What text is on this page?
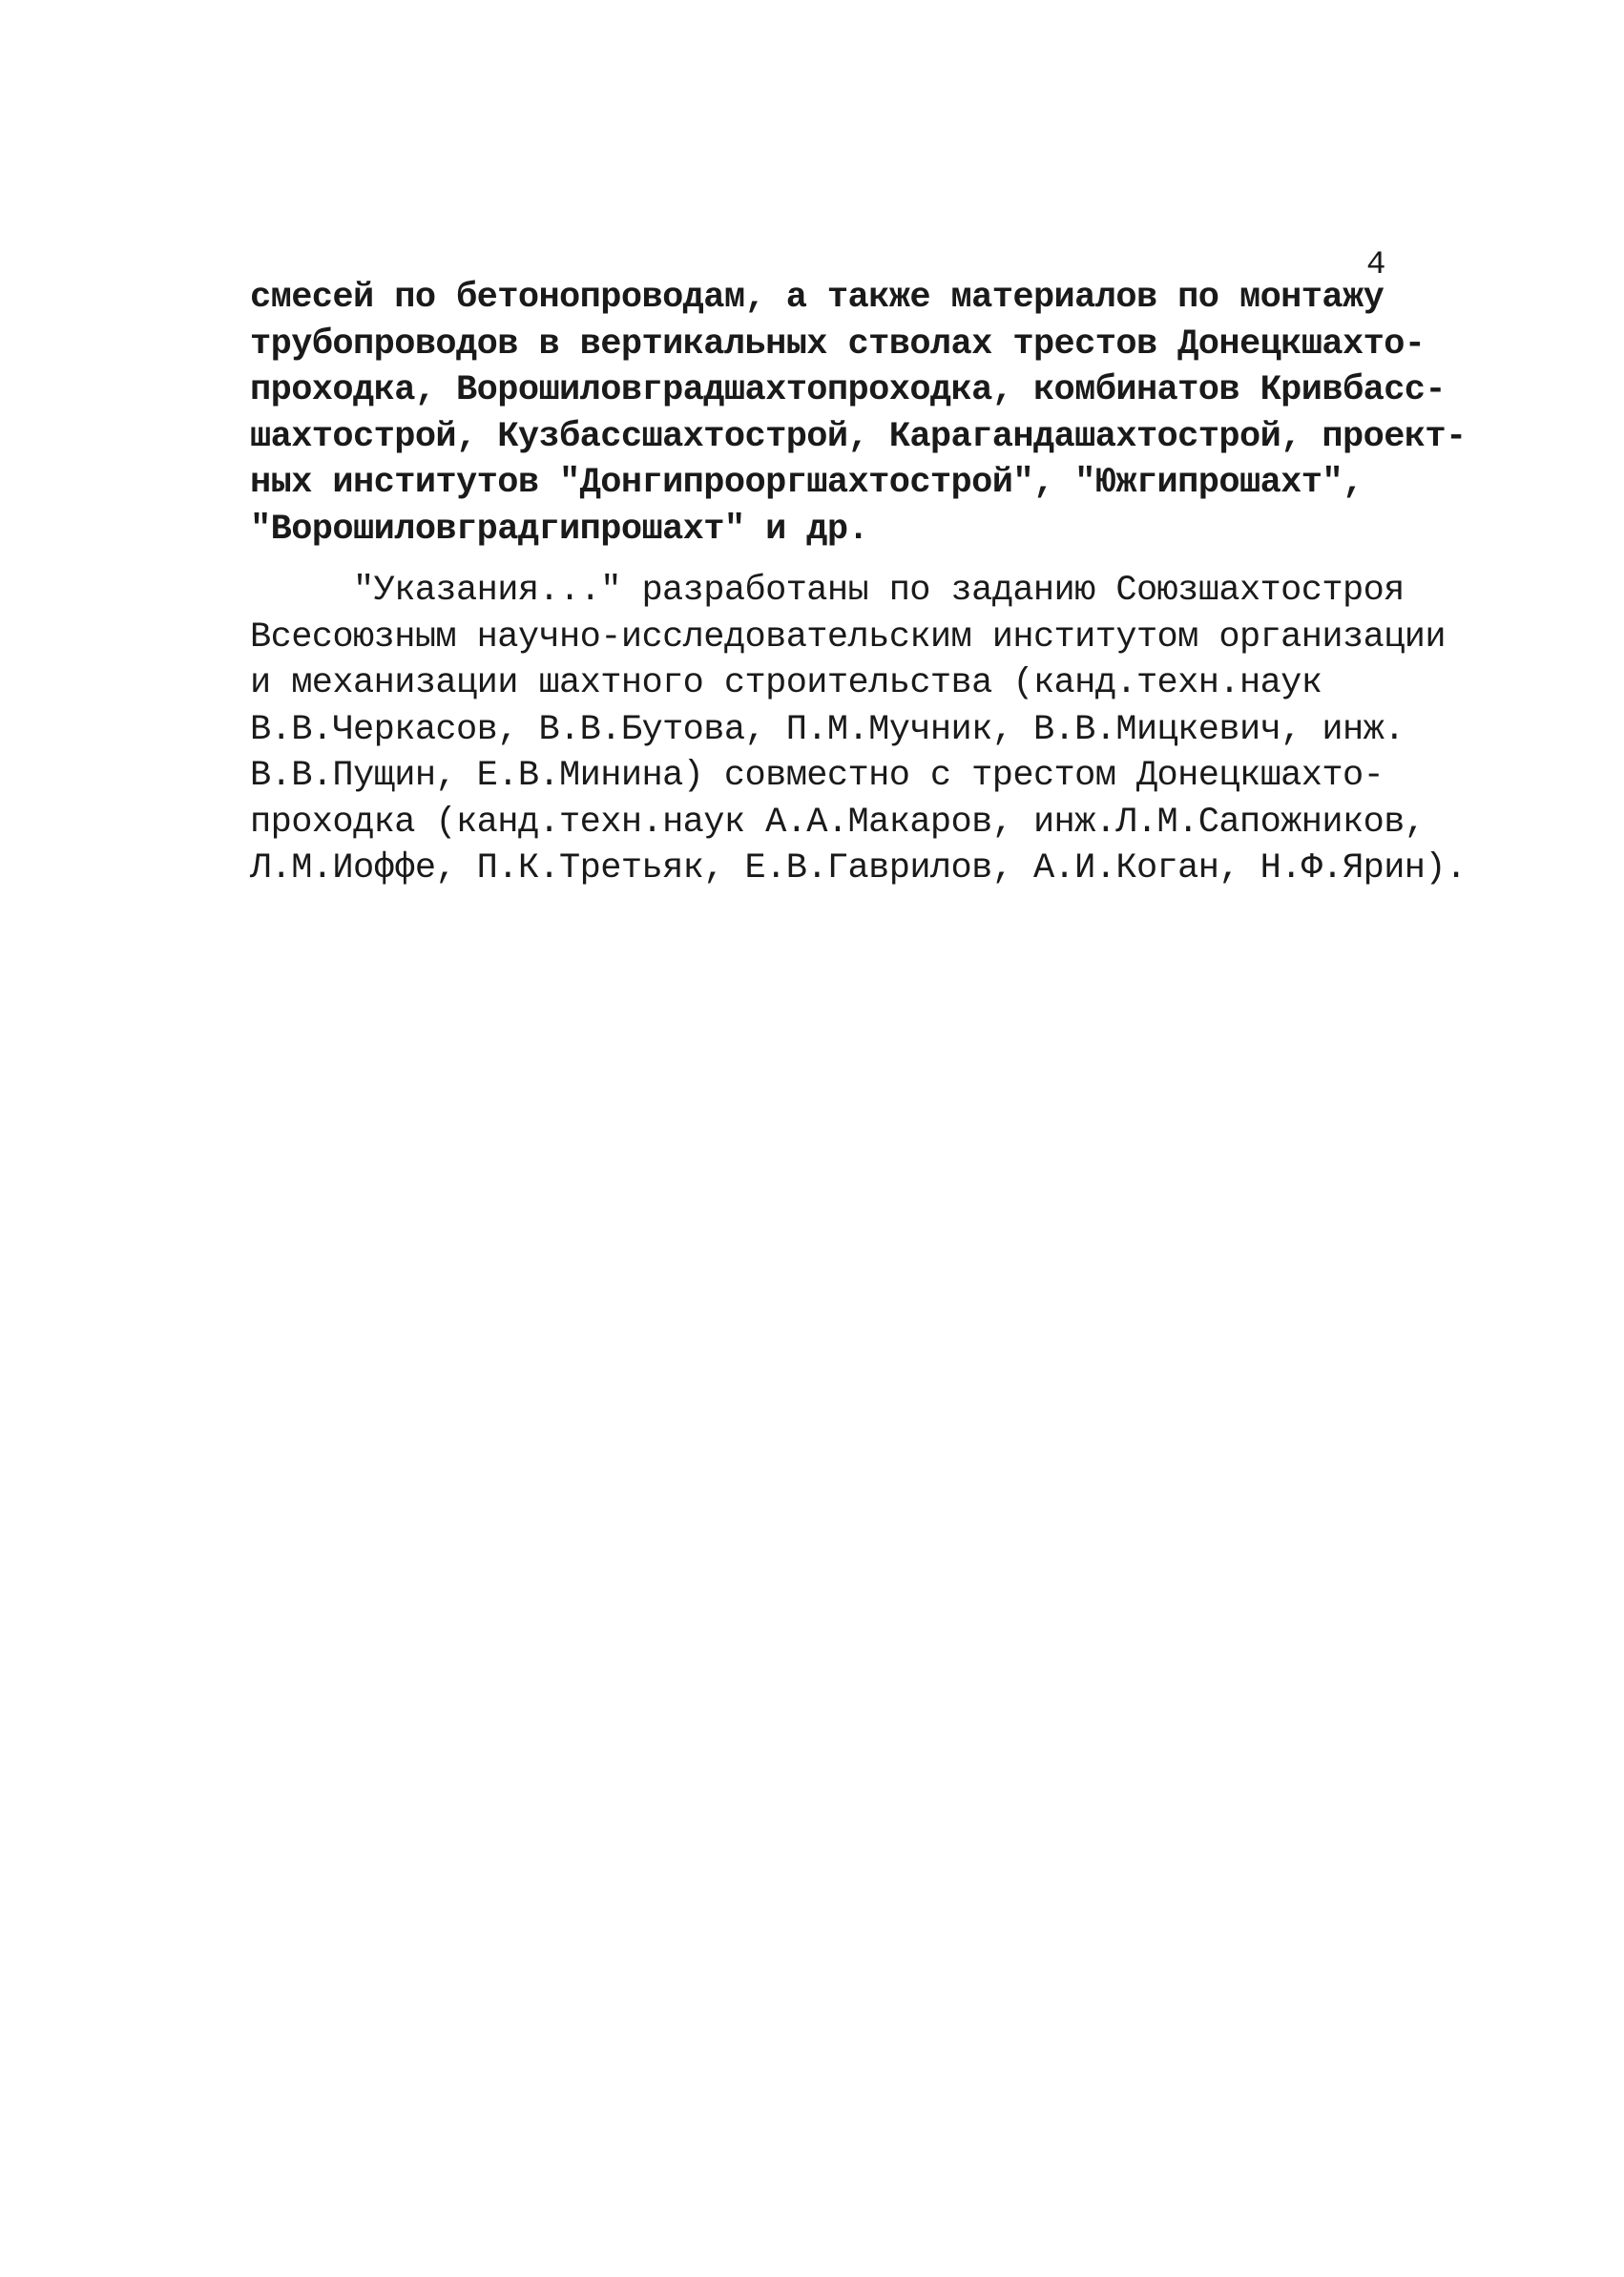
4
смесей по бетонопроводам, а также материалов по монтажу
трубопроводов в вертикальных стволах трестов Донецкшахто-
проходка, Ворошиловградшахтопроходка, комбинатов Кривбасс-
шахтострой, Кузбассшахтострой, Карагандашахтострой, проект-
ных институтов "Донгипрооргшахтострой", "Южгипрошахт",
"Ворошиловградгипрошахт" и др.
"Указания..." разработаны по заданию Союзшахтостроя
Всесоюзным научно-исследовательским институтом организации
и механизации шахтного строительства (канд.техн.наук
В.В.Черкасов, В.В.Бутова, П.М.Мучник, В.В.Мицкевич, инж.
В.В.Пущин, Е.В.Минина) совместно с трестом Донецкшахто-
проходка (канд.техн.наук А.А.Макаров, инж.Л.М.Сапожников,
Л.М.Иоффе, П.К.Третьяк, Е.В.Гаврилов, А.И.Коган, Н.Ф.Ярин).
